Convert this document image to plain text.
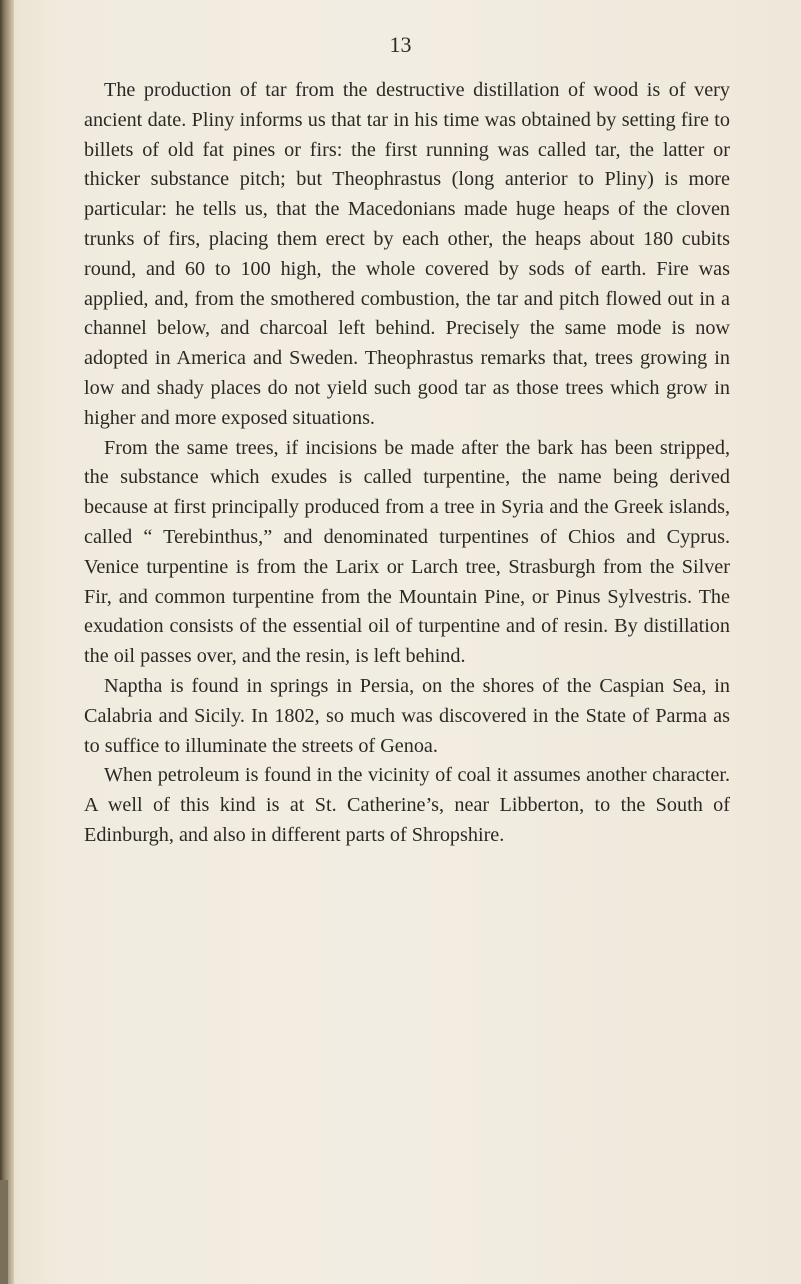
13

The production of tar from the destructive distillation of wood is of very ancient date. Pliny informs us that tar in his time was obtained by setting fire to billets of old fat pines or firs: the first running was called tar, the latter or thicker substance pitch; but Theophrastus (long anterior to Pliny) is more particular: he tells us, that the Macedonians made huge heaps of the cloven trunks of firs, placing them erect by each other, the heaps about 180 cubits round, and 60 to 100 high, the whole covered by sods of earth. Fire was applied, and, from the smothered combustion, the tar and pitch flowed out in a channel below, and charcoal left behind. Precisely the same mode is now adopted in America and Sweden. Theophrastus remarks that, trees growing in low and shady places do not yield such good tar as those trees which grow in higher and more exposed situations.

From the same trees, if incisions be made after the bark has been stripped, the substance which exudes is called turpentine, the name being derived because at first principally produced from a tree in Syria and the Greek islands, called “ Terebinthus,” and denominated turpentines of Chios and Cyprus. Venice turpentine is from the Larix or Larch tree, Strasburgh from the Silver Fir, and common turpentine from the Mountain Pine, or Pinus Sylvestris. The exudation consists of the essential oil of turpentine and of resin. By distillation the oil passes over, and the resin, is left behind.

Naptha is found in springs in Persia, on the shores of the Caspian Sea, in Calabria and Sicily. In 1802, so much was discovered in the State of Parma as to suffice to illuminate the streets of Genoa.

When petroleum is found in the vicinity of coal it assumes another character. A well of this kind is at St. Catherine’s, near Libberton, to the South of Edinburgh, and also in different parts of Shropshire.
